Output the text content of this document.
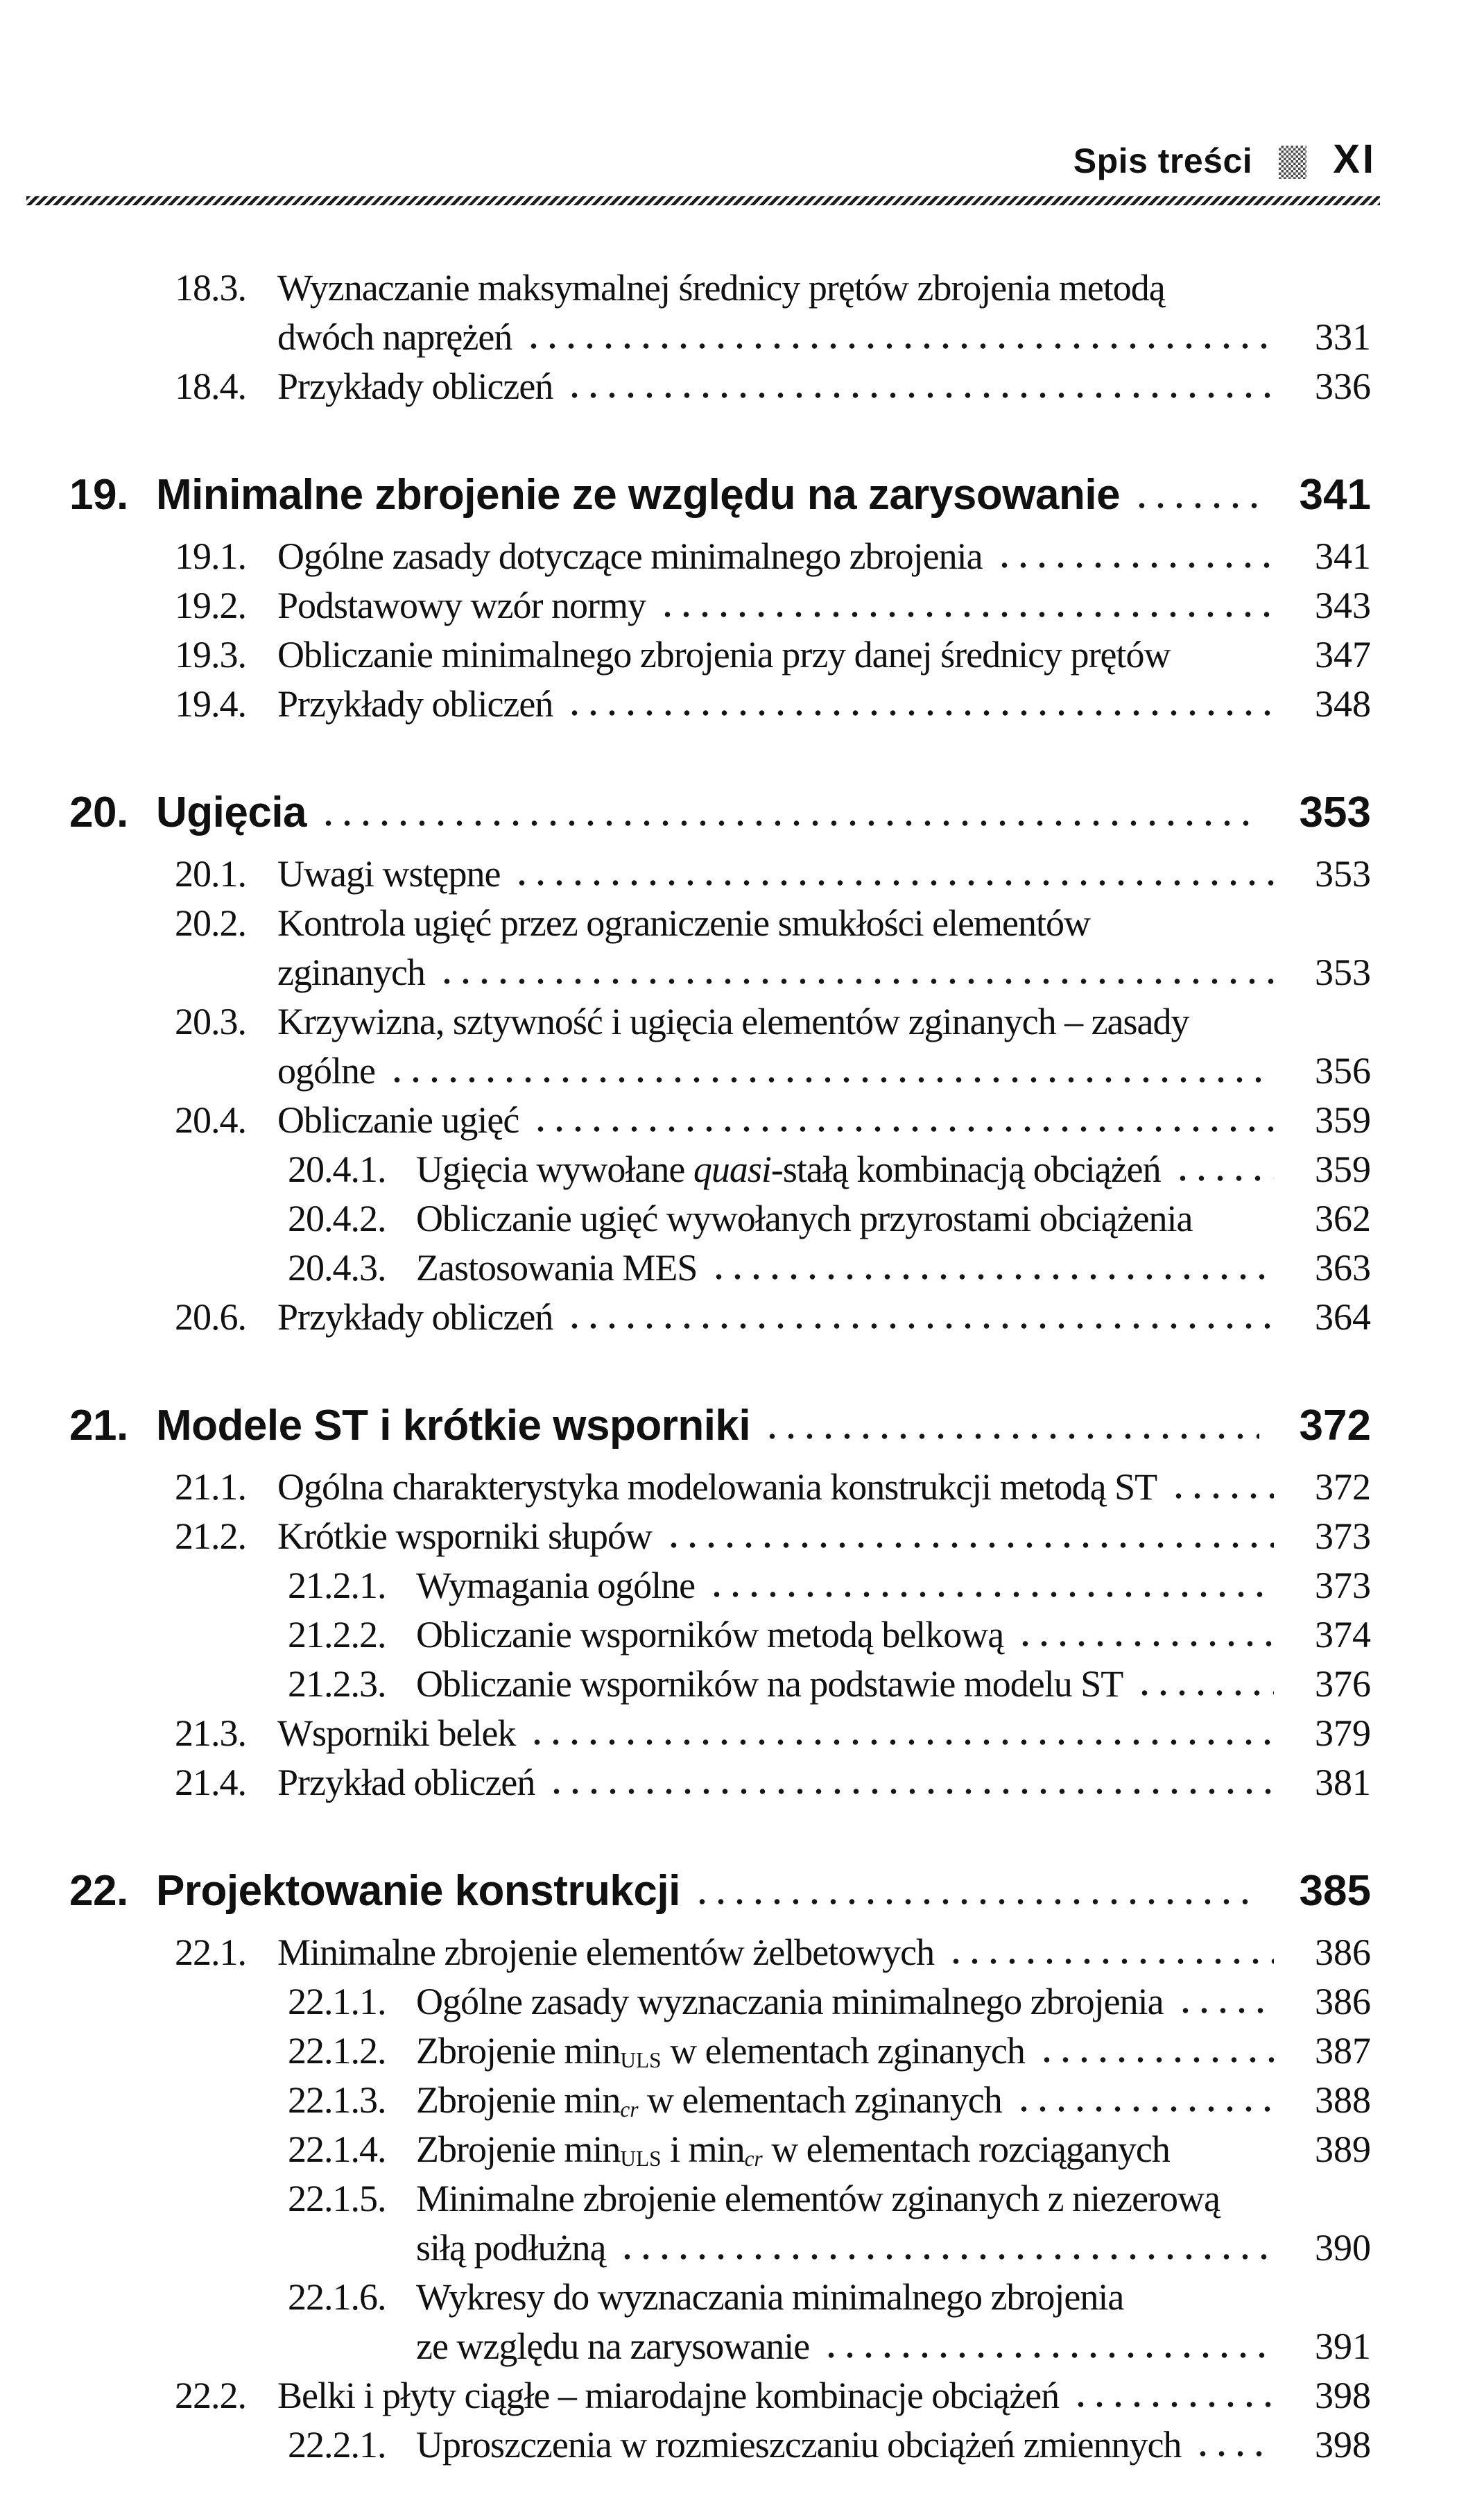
Spis treści XI
18.3. Wyznaczanie maksymalnej średnicy prętów zbrojenia metodą
dwóch naprężeń	331
18.4. Przykłady obliczeń	336
19. Minimalne zbrojenie ze względu na zarysowanie	341
19.1. Ogólne zasady dotyczące minimalnego zbrojenia	341
19.2. Podstawowy wzór normy	343
19.3. Obliczanie minimalnego zbrojenia przy danej średnicy prętów	347
19.4. Przykłady obliczeń	348
20. Ugięcia	353
20.1. Uwagi wstępne	353
20.2. Kontrola ugięć przez ograniczenie smukłości elementów
zginanych	353
20.3. Krzywizna, sztywność i ugięcia elementów zginanych – zasady
ogólne	356
20.4. Obliczanie ugięć	359
20.4.1. Ugięcia wywołane quasi-stałą kombinacją obciążeń	359
20.4.2. Obliczanie ugięć wywołanych przyrostami obciążenia	362
20.4.3. Zastosowania MES	363
20.6. Przykłady obliczeń	364
21. Modele ST i krótkie wsporniki	372
21.1. Ogólna charakterystyka modelowania konstrukcji metodą ST	372
21.2. Krótkie wsporniki słupów	373
21.2.1. Wymagania ogólne	373
21.2.2. Obliczanie wsporników metodą belkową	374
21.2.3. Obliczanie wsporników na podstawie modelu ST	376
21.3. Wsporniki belek	379
21.4. Przykład obliczeń	381
22. Projektowanie konstrukcji	385
22.1. Minimalne zbrojenie elementów żelbetowych	386
22.1.1. Ogólne zasady wyznaczania minimalnego zbrojenia	386
22.1.2. Zbrojenie $\min_{ULS} w$ elementach zginanych	387
22.1.3. Zbrojenie $\min_{cr} w$ elementach zginanych	388
22.1.4. Zbrojenie $\min_{ULS} i$ $\min_{cr} w$ elementach rozciąganych	389
22.1.5. Minimalne zbrojenie elementów zginanych z niezerową
siłą podłużną	390
22.1.6. Wykresy do wyznaczania minimalnego zbrojenia
ze względu na zarysowanie	391
22.2. Belki i płyty ciągłe – miarodajne kombinacje obciążeń	398
22.2.1. Uproszczenia w rozmieszczaniu obciążeń zmiennych	398
